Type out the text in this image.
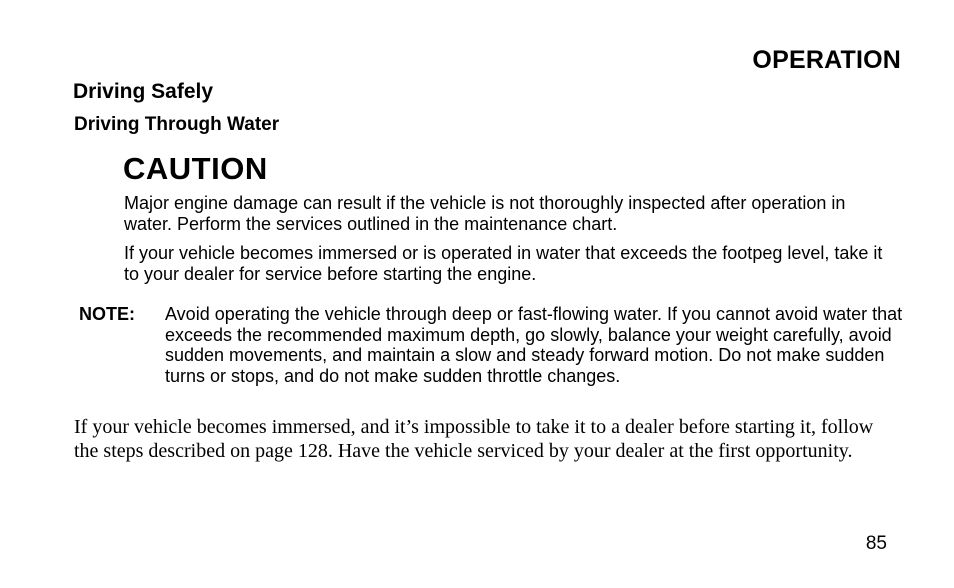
OPERATION
Driving Safely
Driving Through Water
CAUTION

Major engine damage can result if the vehicle is not thoroughly inspected after operation in water. Perform the services outlined in the maintenance chart.

If your vehicle becomes immersed or is operated in water that exceeds the footpeg level, take it to your dealer for service before starting the engine.

NOTE: Avoid operating the vehicle through deep or fast-flowing water. If you cannot avoid water that exceeds the recommended maximum depth, go slowly, balance your weight carefully, avoid sudden movements, and maintain a slow and steady forward motion. Do not make sudden turns or stops, and do not make sudden throttle changes.

If your vehicle becomes immersed, and it’s impossible to take it to a dealer before starting it, follow the steps described on page 128. Have the vehicle serviced by your dealer at the first opportunity.

85
